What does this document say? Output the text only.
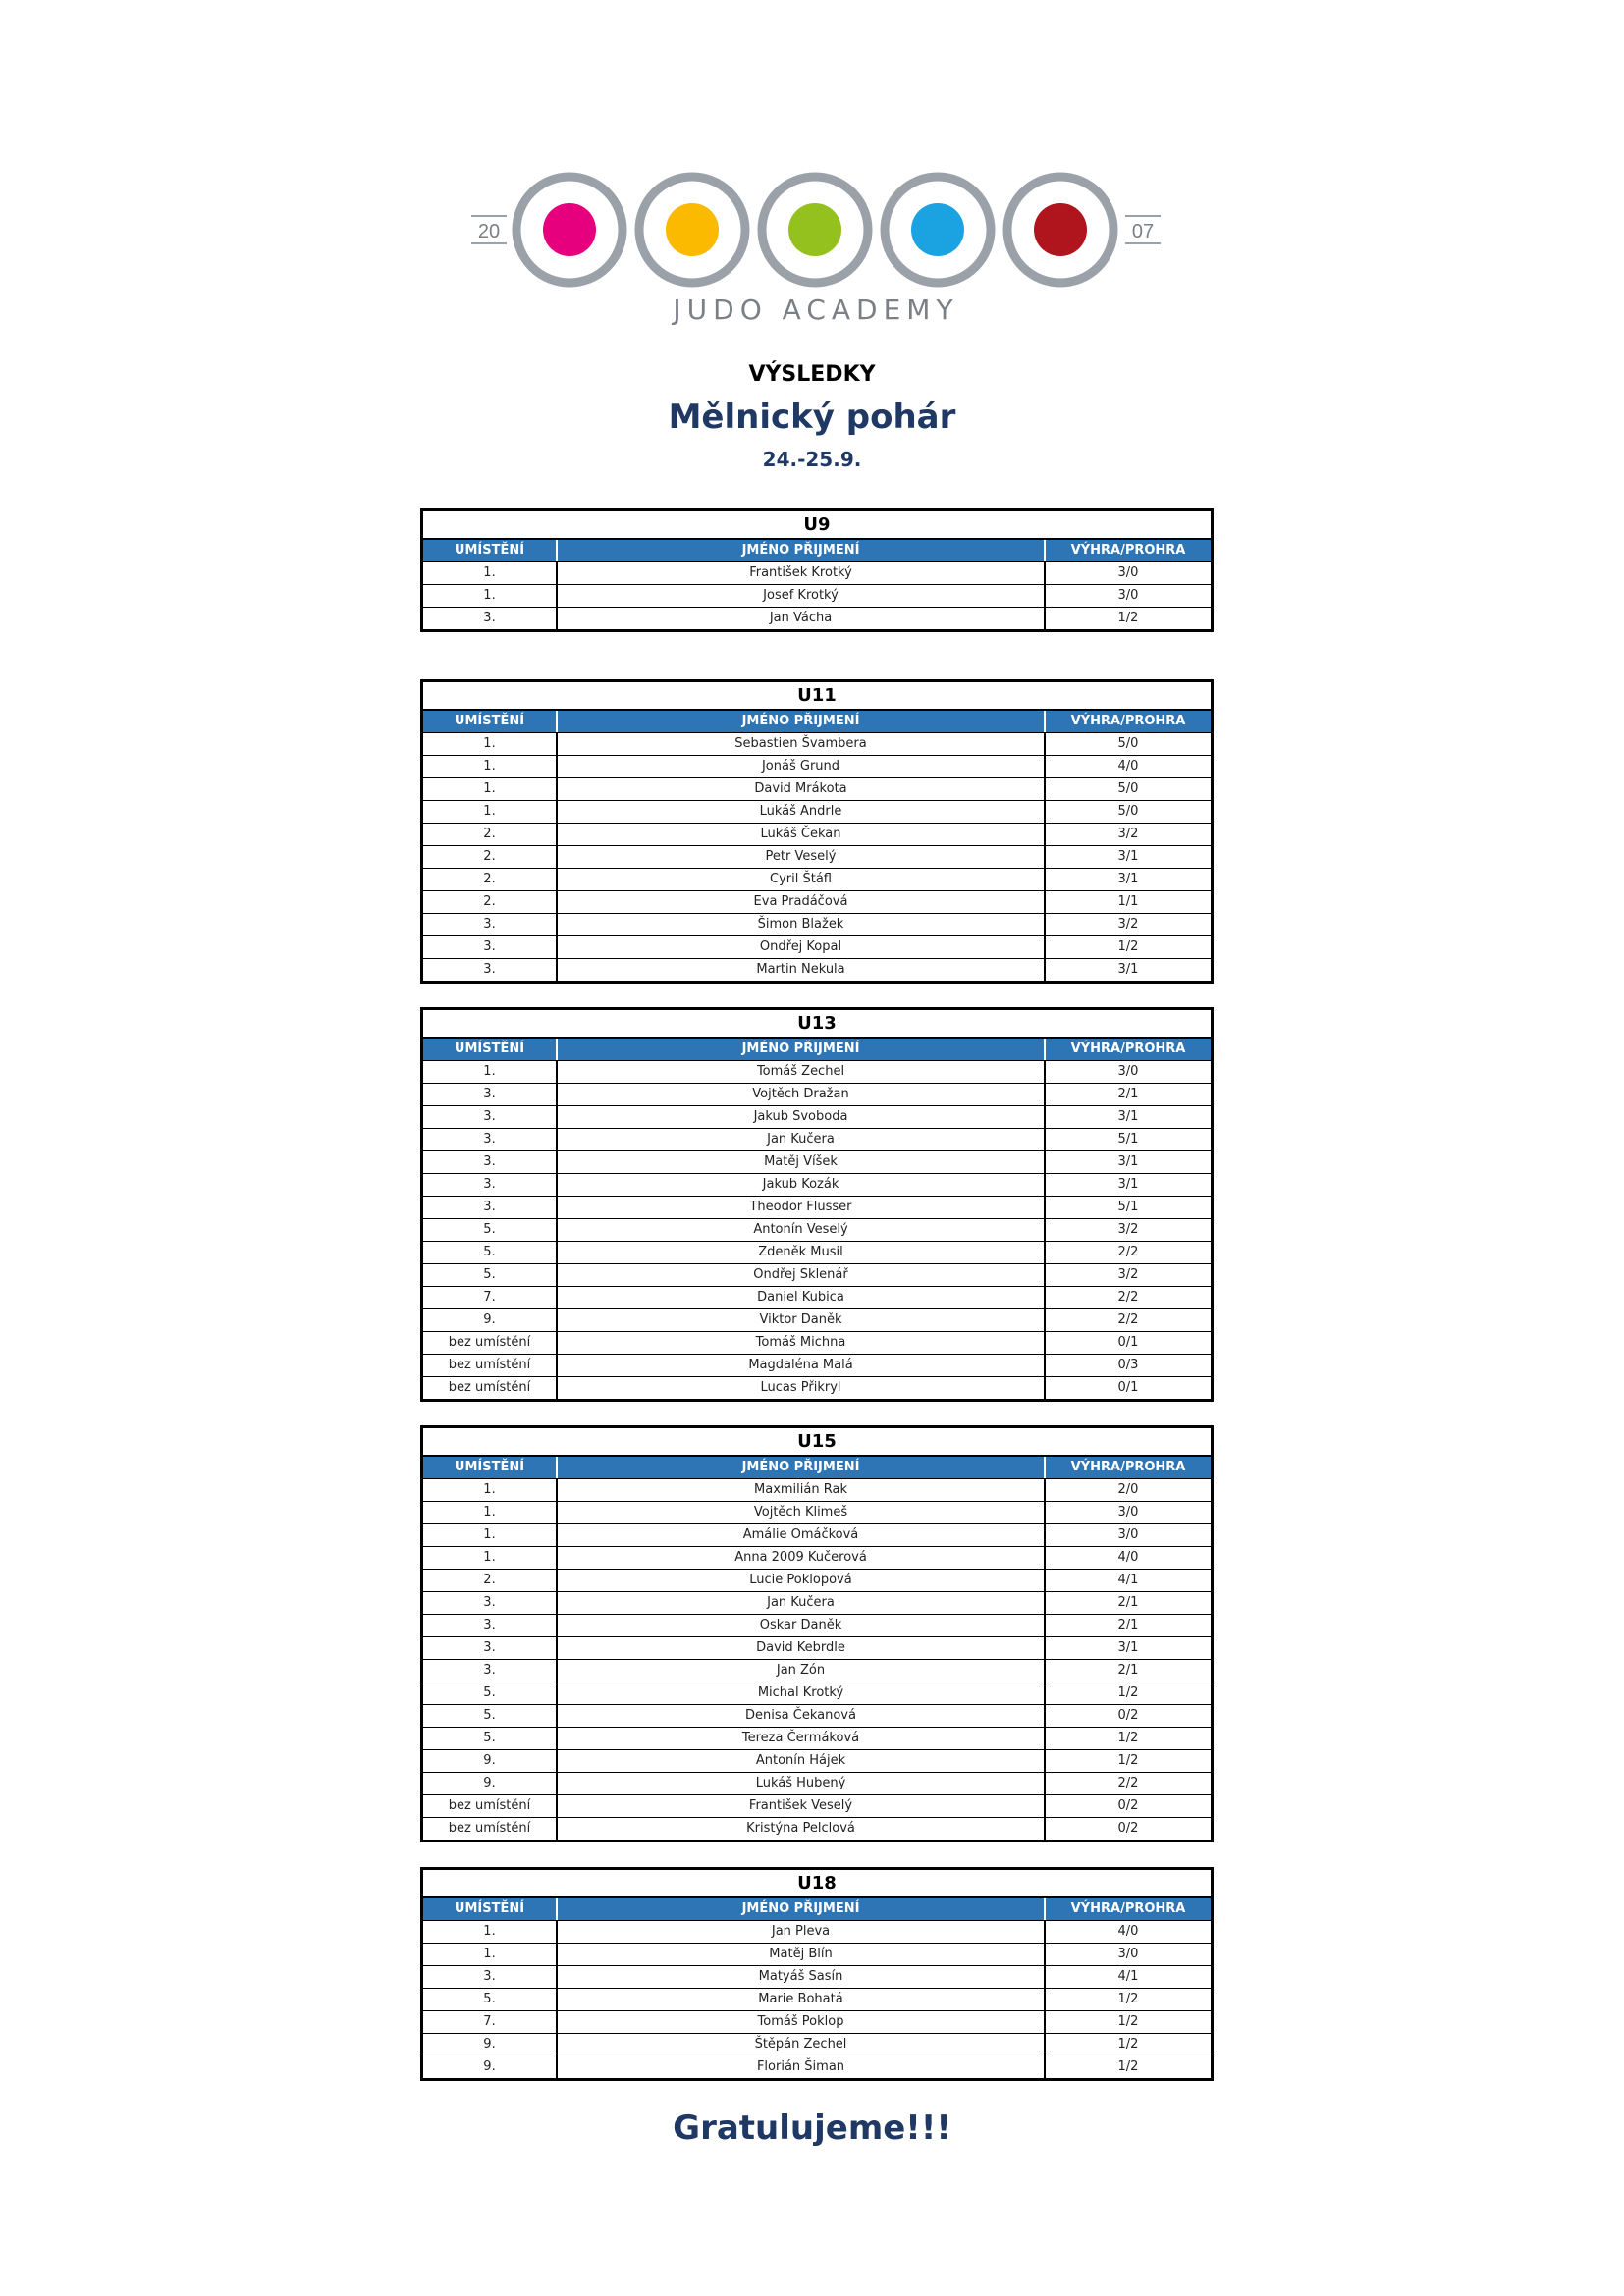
20	07
JUDO ACADEMY
VÝSLEDKY
Mělnický pohár
24.-25.9.
U9
UMÍSTĚNÍ	JMÉNO PŘIJMENÍ	VÝHRA/PROHRA
1.	František Krotký	3/0
1.	Josef Krotký	3/0
3.	Jan Vácha	1/2
U11
UMÍSTĚNÍ	JMÉNO PŘIJMENÍ	VÝHRA/PROHRA
1.	Sebastien Švambera	5/0
1.	Jonáš Grund	4/0
1.	David Mrákota	5/0
1.	Lukáš Andrle	5/0
2.	Lukáš Čekan	3/2
2.	Petr Veselý	3/1
2.	Cyril Štáfl	3/1
2.	Eva Pradáčová	1/1
3.	Šimon Blažek	3/2
3.	Ondřej Kopal	1/2
3.	Martin Nekula	3/1
U13
UMÍSTĚNÍ	JMÉNO PŘIJMENÍ	VÝHRA/PROHRA
1.	Tomáš Zechel	3/0
3.	Vojtěch Dražan	2/1
3.	Jakub Svoboda	3/1
3.	Jan Kučera	5/1
3.	Matěj Víšek	3/1
3.	Jakub Kozák	3/1
3.	Theodor Flusser	5/1
5.	Antonín Veselý	3/2
5.	Zdeněk Musil	2/2
5.	Ondřej Sklenář	3/2
7.	Daniel Kubica	2/2
9.	Viktor Daněk	2/2
bez umístění	Tomáš Michna	0/1
bez umístění	Magdaléna Malá	0/3
bez umístění	Lucas Přikryl	0/1
U15
UMÍSTĚNÍ	JMÉNO PŘIJMENÍ	VÝHRA/PROHRA
1.	Maxmilián Rak	2/0
1.	Vojtěch Klimeš	3/0
1.	Amálie Omáčková	3/0
1.	Anna 2009 Kučerová	4/0
2.	Lucie Poklopová	4/1
3.	Jan Kučera	2/1
3.	Oskar Daněk	2/1
3.	David Kebrdle	3/1
3.	Jan Zón	2/1
5.	Michal Krotký	1/2
5.	Denisa Čekanová	0/2
5.	Tereza Čermáková	1/2
9.	Antonín Hájek	1/2
9.	Lukáš Hubený	2/2
bez umístění	František Veselý	0/2
bez umístění	Kristýna Pelclová	0/2
U18
UMÍSTĚNÍ	JMÉNO PŘIJMENÍ	VÝHRA/PROHRA
1.	Jan Pleva	4/0
1.	Matěj Blín	3/0
3.	Matyáš Sasín	4/1
5.	Marie Bohatá	1/2
7.	Tomáš Poklop	1/2
9.	Štěpán Zechel	1/2
9.	Florián Šiman	1/2
Gratulujeme!!!
